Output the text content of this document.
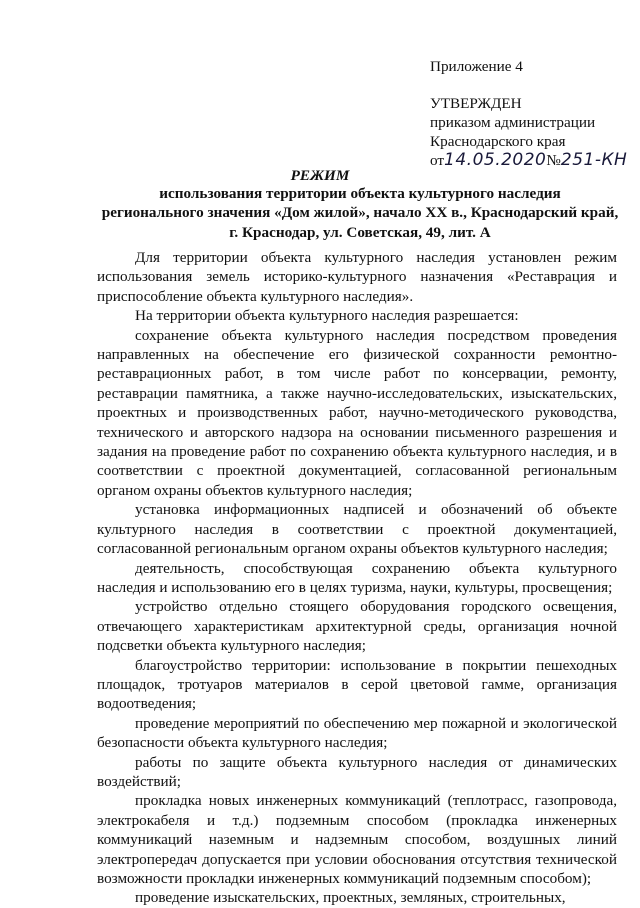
Приложение 4
УТВЕРЖДЕН
приказом администрации
Краснодарского края
от14.05.2020№251-КН
РЕЖИМ
использования территории объекта культурного наследия
регионального значения «Дом жилой», начало XX в., Краснодарский край,
г. Краснодар, ул. Советская, 49, лит. А

Для территории объекта культурного наследия установлен режим использования земель историко-культурного назначения «Реставрация и приспособление объекта культурного наследия».

На территории объекта культурного наследия разрешается:

сохранение объекта культурного наследия посредством проведения направленных на обеспечение его физической сохранности ремонтно-реставрационных работ, в том числе работ по консервации, ремонту, реставрации памятника, а также научно-исследовательских, изыскательских, проектных и производственных работ, научно-методического руководства, технического и авторского надзора на основании письменного разрешения и задания на проведение работ по сохранению объекта культурного наследия, и в соответствии с проектной документацией, согласованной региональным органом охраны объектов культурного наследия;

установка информационных надписей и обозначений об объекте культурного наследия в соответствии с проектной документацией, согласованной региональным органом охраны объектов культурного наследия;

деятельность, способствующая сохранению объекта культурного наследия и использованию его в целях туризма, науки, культуры, просвещения;

устройство отдельно стоящего оборудования городского освещения, отвечающего характеристикам архитектурной среды, организация ночной подсветки объекта культурного наследия;

благоустройство территории: использование в покрытии пешеходных площадок, тротуаров материалов в серой цветовой гамме, организация водоотведения;

проведение мероприятий по обеспечению мер пожарной и экологической безопасности объекта культурного наследия;

работы по защите объекта культурного наследия от динамических воздействий;

прокладка новых инженерных коммуникаций (теплотрасс, газопровода, электрокабеля и т.д.) подземным способом (прокладка инженерных коммуникаций наземным и надземным способом, воздушных линий электропередач допускается при условии обоснования отсутствия технической возможности прокладки инженерных коммуникаций подземным способом);

проведение изыскательских, проектных, земляных, строительных,
